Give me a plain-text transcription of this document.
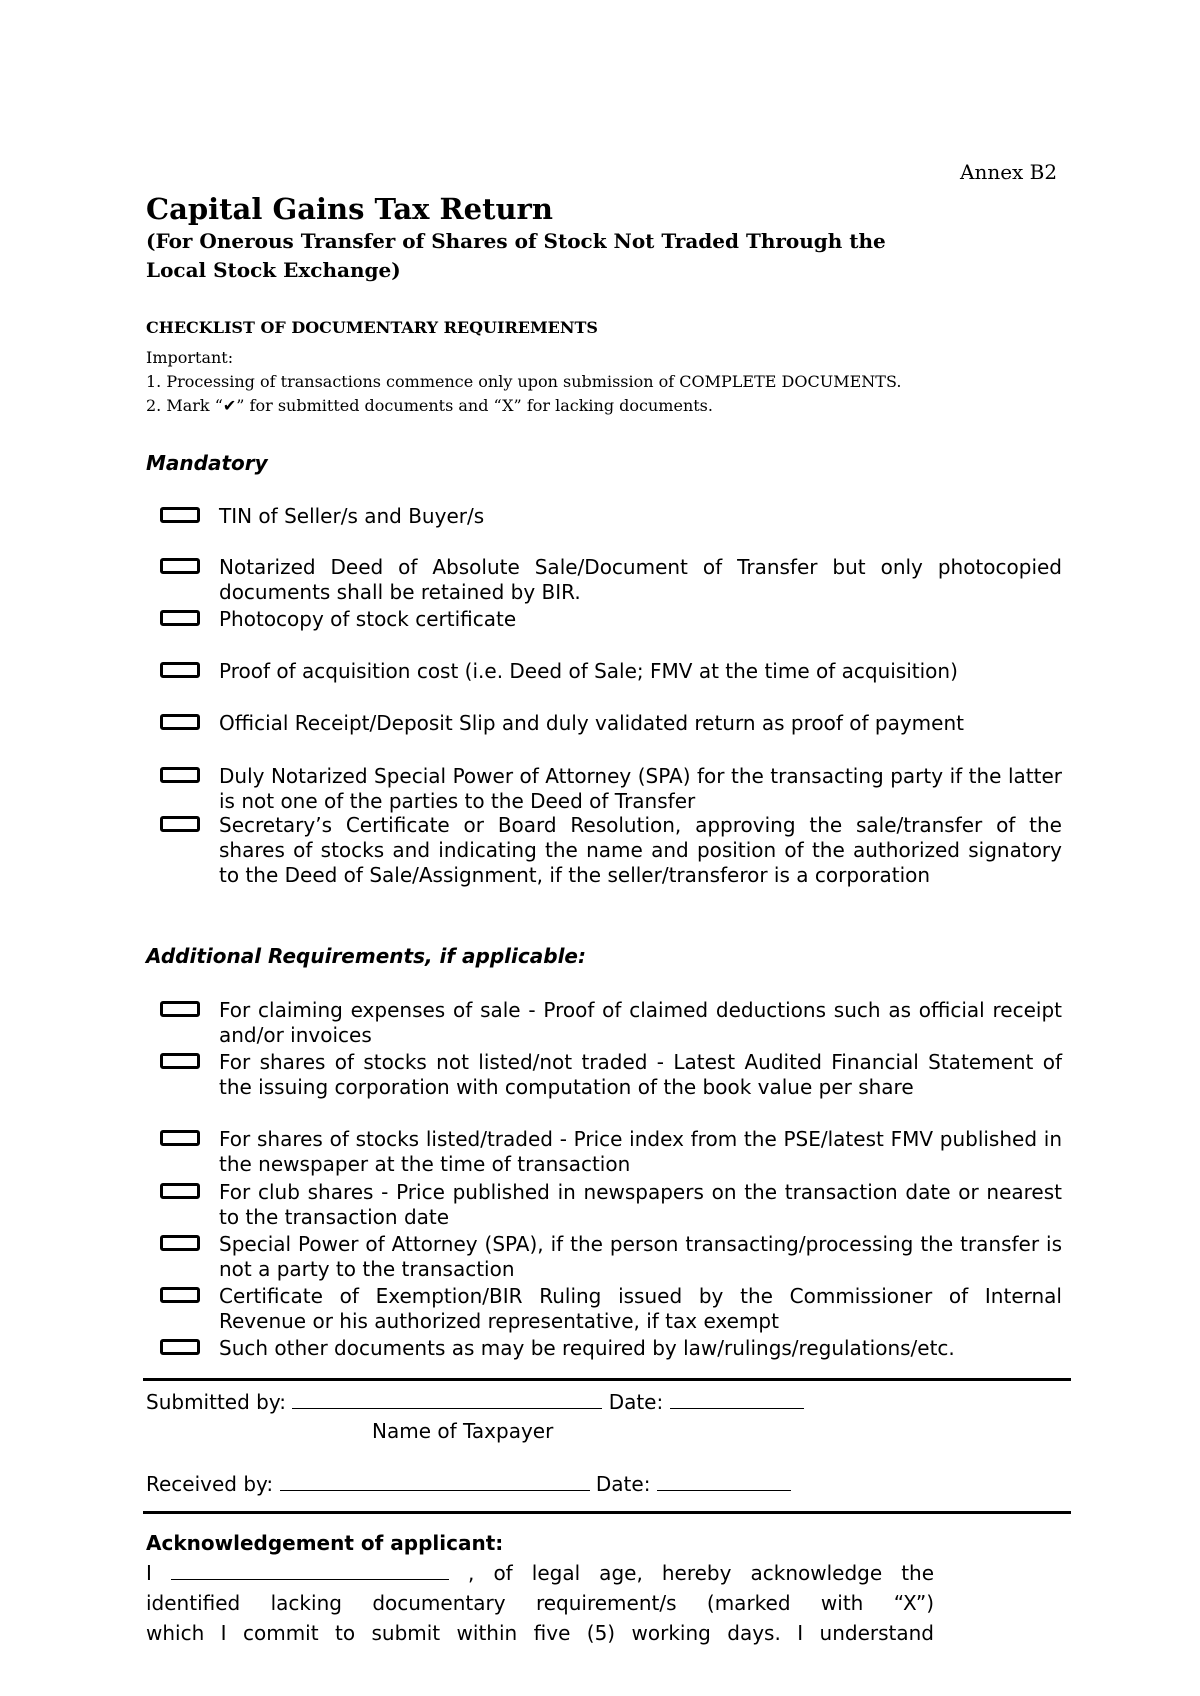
Annex B2
Capital Gains Tax Return
(For Onerous Transfer of Shares of Stock Not Traded Through the Local Stock Exchange)
CHECKLIST OF DOCUMENTARY REQUIREMENTS
Important:
1. Processing of transactions commence only upon submission of COMPLETE DOCUMENTS.
2. Mark “✔” for submitted documents and “X” for lacking documents.
Mandatory
TIN of Seller/s and Buyer/s
Notarized Deed of Absolute Sale/Document of Transfer but only photocopied documents shall be retained by BIR.
Photocopy of stock certificate
Proof of acquisition cost (i.e. Deed of Sale; FMV at the time of acquisition)
Official Receipt/Deposit Slip and duly validated return as proof of payment
Duly Notarized Special Power of Attorney (SPA) for the transacting party if the latter is not one of the parties to the Deed of Transfer
Secretary’s Certificate or Board Resolution, approving the sale/transfer of the shares of stocks and indicating the name and position of the authorized signatory to the Deed of Sale/Assignment, if the seller/transferor is a corporation
Additional Requirements, if applicable:
For claiming expenses of sale - Proof of claimed deductions such as official receipt and/or invoices
For shares of stocks not listed/not traded - Latest Audited Financial Statement of the issuing corporation with computation of the book value per share
For shares of stocks listed/traded - Price index from the PSE/latest FMV published in the newspaper at the time of transaction
For club shares - Price published in newspapers on the transaction date or nearest to the transaction date
Special Power of Attorney (SPA), if the person transacting/processing the transfer is not a party to the transaction
Certificate of Exemption/BIR Ruling issued by the Commissioner of Internal Revenue or his authorized representative, if tax exempt
Such other documents as may be required by law/rulings/regulations/etc.
Submitted by:	Date:
Name of Taxpayer
Received by:	Date:
Acknowledgement of applicant:
I	, of legal age, hereby acknowledge the
identified lacking documentary requirement/s (marked with “X”)
which I commit to submit within five (5) working days. I understand
